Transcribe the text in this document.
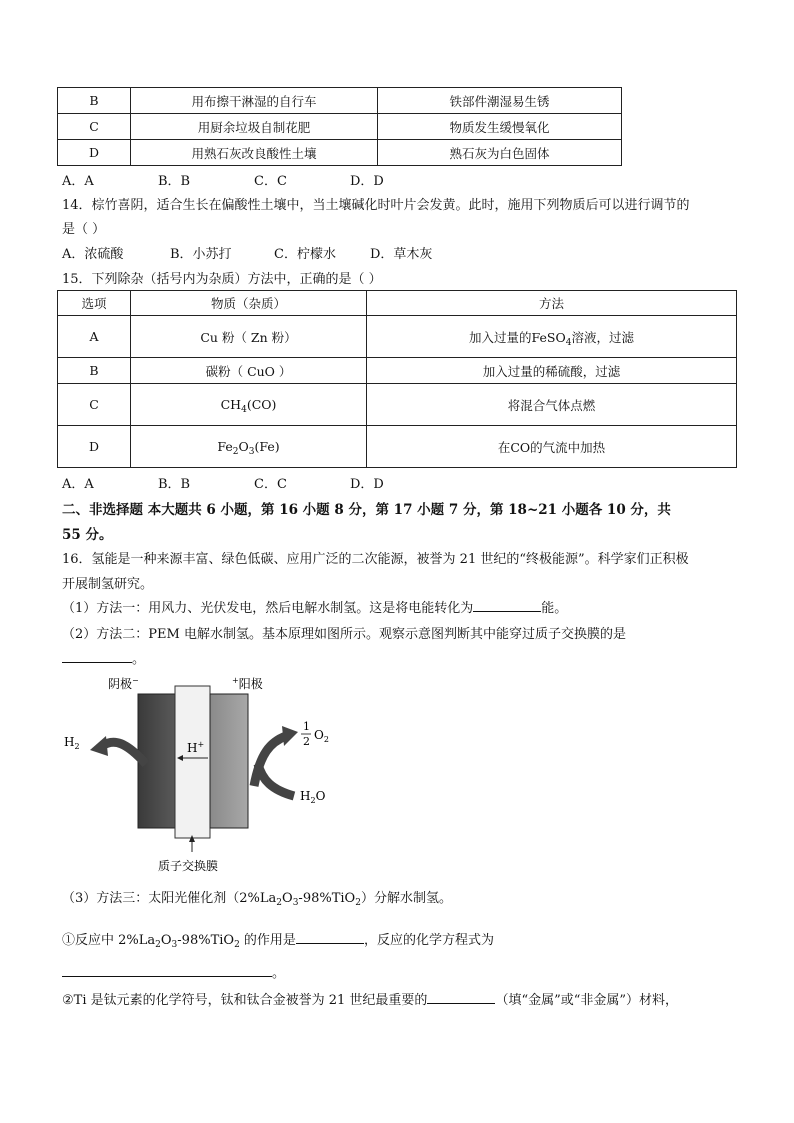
B	用布擦干淋湿的自行车	铁部件潮湿易生锈
C	用厨余垃圾自制花肥	物质发生缓慢氧化
D	用熟石灰改良酸性土壤	熟石灰为白色固体
A．A	B．B	C．C	D．D
14．棕竹喜阴，适合生长在偏酸性土壤中，当土壤碱化时叶片会发黄。此时，施用下列物质后可以进行调节的
是（ ）
A．浓硫酸	B．小苏打	C．柠檬水	D．草木灰
15．下列除杂（括号内为杂质）方法中，正确的是（ ）
选项	物质（杂质）	方法
A	Cu 粉（ Zn 粉）	加入过量的FeSO$_4$溶液，过滤
B	碳粉（ CuO ）	加入过量的稀硫酸，过滤
C	$CH_4(CO)$	将混合气体点燃
D	$Fe_2O_3(Fe)$	在CO的气流中加热
A．A	B．B	C．C	D．D
二、非选择题 本大题共 6 小题，第 16 小题 8 分，第 17 小题 7 分，第 18~21 小题各 10 分，共
55 分。
16．氢能是一种来源丰富、绿色低碳、应用广泛的二次能源，被誉为 21 世纪的“终极能源”。科学家们正积极
开展制氢研究。
（1）方法一：用风力、光伏发电，然后电解水制氢。这是将电能转化为	能。
（2）方法二：PEM 电解水制氢。基本原理如图所示。观察示意图判断其中能穿过质子交换膜的是
。
阴极−	+阳极
$H_2$	H+
1
2 $O_2$
$H_2O$
质子交换膜
（3）方法三：太阳光催化剂$(2\%La_2O_3-98\%TiO_2)$分解水制氢。
①反应中 $2\%La_2O_3-98\%TiO_2$ 的作用是	，反应的化学方程式为
。
②Ti 是钛元素的化学符号，钛和钛合金被誉为 21 世纪最重要的	（填“金属”或“非金属”）材料，
